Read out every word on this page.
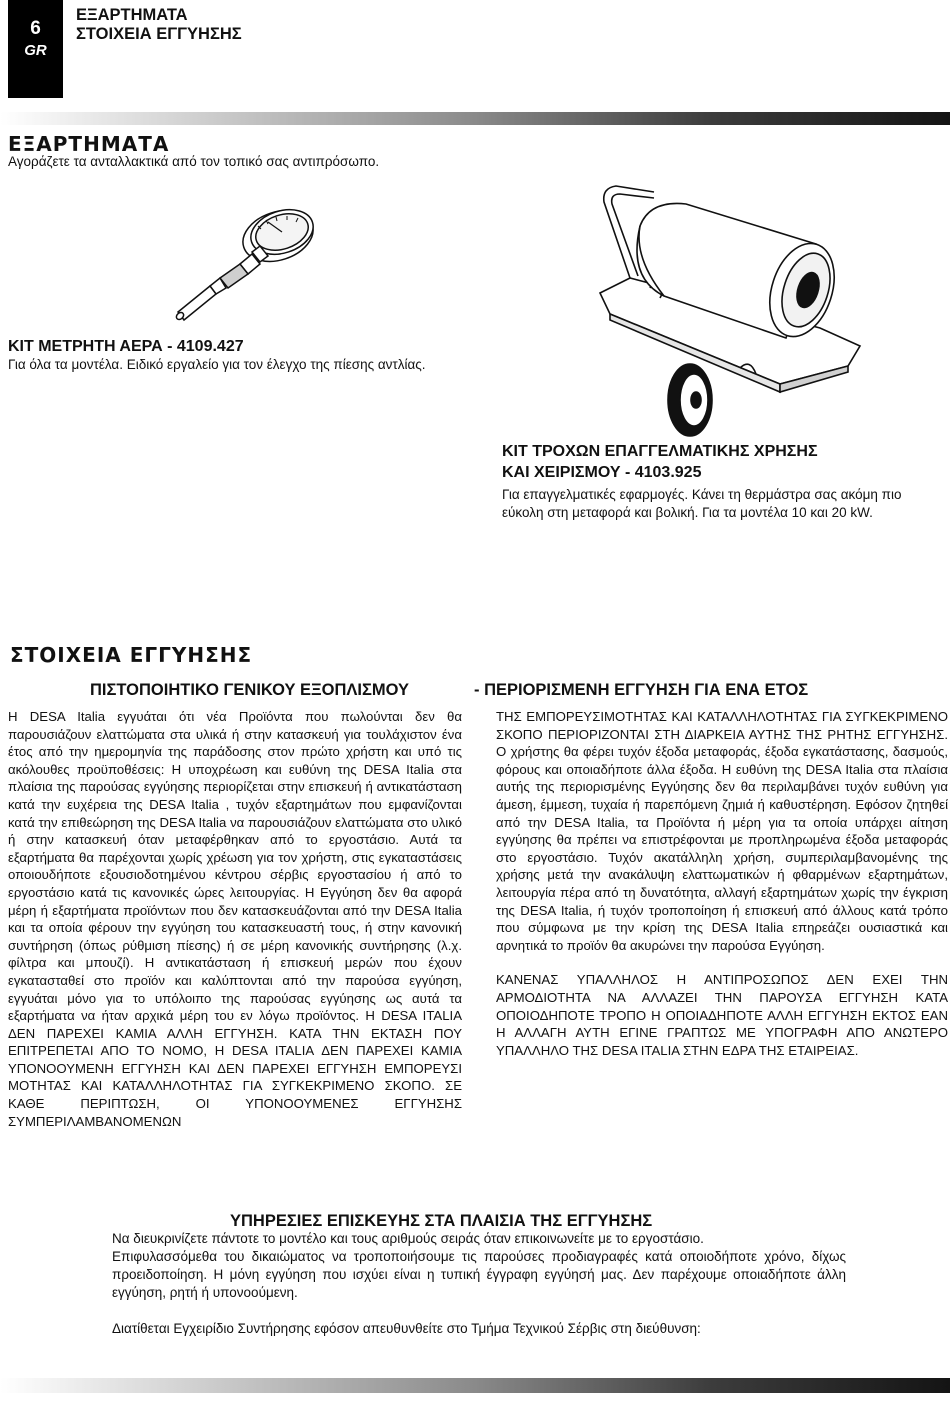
6
GR
ΕΞΑΡΤΗΜΑΤΑ
ΣΤΟΙΧΕΙΑ ΕΓΓΥΗΣΗΣ
ΕΞΑΡΤΗΜΑΤΑ
Αγοράζετε τα ανταλλακτικά από τον τοπικό σας αντιπρόσωπο.
ΚΙΤ ΜΕΤΡΗΤΗ ΑΕΡΑ - 4109.427
Για όλα τα μοντέλα. Ειδικό εργαλείο για τον έλεγχο της πίεσης αντλίας.
ΚΙΤ ΤΡΟΧΩΝ ΕΠΑΓΓΕΛΜΑΤΙΚΗΣ ΧΡΗΣΗΣ
ΚΑΙ ΧΕΙΡΙΣΜΟΥ - 4103.925
Για επαγγελματικές εφαρμογές. Κάνει τη θερμάστρα σας ακόμη πιο εύκολη στη μεταφορά και βολική. Για τα μοντέλα 10 και 20 kW.
ΣΤΟΙΧΕΙΑ ΕΓΓΥΗΣΗΣ
ΠΙΣΤΟΠΟΙΗΤΙΚΟ ΓΕΝΙΚΟΥ ΕΞΟΠΛΙΣΜΟΥ	- ΠΕΡΙΟΡΙΣΜΕΝΗ ΕΓΓΥΗΣΗ ΓΙΑ ΕΝΑ ΕΤΟΣ

Η DESA Italia εγγυάται ότι νέα Προϊόντα που πωλούνται δεν θα παρουσιάζουν ελαττώματα στα υλικά ή στην κατασκευή για τουλάχιστον ένα έτος από την ημερομηνία της παράδοσης στον πρώτο χρήστη και υπό τις ακόλουθες προϋποθέσεις: Η υποχρέωση και ευθύνη της DESA Italia στα πλαίσια της παρούσας εγγύησης περιορίζεται στην επισκευή ή αντικατάσταση κατά την ευχέρεια της DESA Italia , τυχόν εξαρτημάτων που εμφανίζονται κατά την επιθεώρηση της DESA Italia να παρουσιάζουν ελαττώματα στο υλικό ή στην κατασκευή όταν μεταφέρθηκαν από το εργοστάσιο. Αυτά τα εξαρτήματα θα παρέχονται χωρίς χρέωση για τον χρήστη, στις εγκαταστάσεις οποιουδήποτε εξουσιοδοτημένου κέντρου σέρβις εργοστασίου ή από το εργοστάσιο κατά τις κανονικές ώρες λειτουργίας. Η Εγγύηση δεν θα αφορά μέρη ή εξαρτήματα προϊόντων που δεν κατασκευάζονται από την DESA Italia και τα οποία φέρουν την εγγύηση του κατασκευαστή τους, ή στην κανονική συντήρηση (όπως ρύθμιση πίεσης) ή σε μέρη κανονικής συντήρησης (λ.χ. φίλτρα και μπουζί). Η αντικατάσταση ή επισκευή μερών που έχουν εγκατασταθεί στο προϊόν και καλύπτονται από την παρούσα εγγύηση, εγγυάται μόνο για το υπόλοιπο της παρούσας εγγύησης ως αυτά τα εξαρτήματα να ήταν αρχικά μέρη του εν λόγω προϊόντος. Η DESA ITALIA ΔΕΝ ΠΑΡΕΧΕΙ ΚΑΜΙΑ ΑΛΛΗ ΕΓΓΥΗΣΗ. ΚΑΤΑ ΤΗΝ ΕΚΤΑΣΗ ΠΟΥ ΕΠΙΤΡΕΠΕΤΑΙ ΑΠΟ ΤΟ ΝΟΜΟ, Η DESA ITALIA ΔΕΝ ΠΑΡΕΧΕΙ ΚΑΜΙΑ ΥΠΟΝΟΟΥΜΕΝΗ ΕΓΓΥΗΣΗ ΚΑΙ ΔΕΝ ΠΑΡΕΧΕΙ ΕΓΓΥΗΣΗ ΕΜΠΟΡΕΥΣΙ ΜΟΤΗΤΑΣ ΚΑΙ ΚΑΤΑΛΛΗΛΟΤΗΤΑΣ ΓΙΑ ΣΥΓΚΕΚΡΙΜΕΝΟ ΣΚΟΠΟ. ΣΕ ΚΑΘΕ ΠΕΡΙΠΤΩΣΗ, ΟΙ ΥΠΟΝΟΟΥΜΕΝΕΣ ΕΓΓΥΗΣΗΣ ΣΥΜΠΕΡΙΛΑΜΒΑΝΟΜΕΝΩΝ

ΤΗΣ ΕΜΠΟΡΕΥΣΙΜΟΤΗΤΑΣ ΚΑΙ ΚΑΤΑΛΛΗΛΟΤΗΤΑΣ ΓΙΑ ΣΥΓΚΕΚΡΙΜΕΝΟ ΣΚΟΠΟ ΠΕΡΙΟΡΙΖΟΝΤΑΙ ΣΤΗ ΔΙΑΡΚΕΙΑ ΑΥΤΗΣ ΤΗΣ ΡΗΤΗΣ ΕΓΓΥΗΣΗΣ. Ο χρήστης θα φέρει τυχόν έξοδα μεταφοράς, έξοδα εγκατάστασης, δασμούς, φόρους και οποιαδήποτε άλλα έξοδα. Η ευθύνη της DESA Italia στα πλαίσια αυτής της περιορισμένης Εγγύησης δεν θα περιλαμβάνει τυχόν ευθύνη για άμεση, έμμεση, τυχαία ή παρεπόμενη ζημιά ή καθυστέρηση. Εφόσον ζητηθεί από την DESA Italia, τα Προϊόντα ή μέρη για τα οποία υπάρχει αίτηση εγγύησης θα πρέπει να επιστρέφονται με προπληρωμένα έξοδα μεταφοράς στο εργοστάσιο. Τυχόν ακατάλληλη χρήση, συμπεριλαμβανομένης της χρήσης μετά την ανακάλυψη ελαττωματικών ή φθαρμένων εξαρτημάτων, λειτουργία πέρα από τη δυνατότητα, αλλαγή εξαρτημάτων χωρίς την έγκριση της DESA Italia, ή τυχόν τροποποίηση ή επισκευή από άλλους κατά τρόπο που σύμφωνα με την κρίση της DESA Italia επηρεάζει ουσιαστικά και αρνητικά το προϊόν θα ακυρώνει την παρούσα Εγγύηση.

ΚΑΝΕΝΑΣ ΥΠΑΛΛΗΛΟΣ Η ΑΝΤΙΠΡΟΣΩΠΟΣ ΔΕΝ ΕΧΕΙ ΤΗΝ ΑΡΜΟΔΙΟΤΗΤΑ ΝΑ ΑΛΛΑΖΕΙ ΤΗΝ ΠΑΡΟΥΣΑ ΕΓΓΥΗΣΗ ΚΑΤΑ ΟΠΟΙΟΔΗΠΟΤΕ ΤΡΟΠΟ Η ΟΠΟΙΑΔΗΠΟΤΕ ΑΛΛΗ ΕΓΓΥΗΣΗ ΕΚΤΟΣ ΕΑΝ Η ΑΛΛΑΓΗ ΑΥΤΗ ΕΓΙΝΕ ΓΡΑΠΤΩΣ ΜΕ ΥΠΟΓΡΑΦΗ ΑΠΟ ΑΝΩΤΕΡΟ ΥΠΑΛΛΗΛΟ ΤΗΣ DESA ITALIA ΣΤΗΝ ΕΔΡΑ ΤΗΣ ΕΤΑΙΡΕΙΑΣ.

ΥΠΗΡΕΣΙΕΣ ΕΠΙΣΚΕΥΗΣ ΣΤΑ ΠΛΑΙΣΙΑ ΤΗΣ ΕΓΓΥΗΣΗΣ
Να διευκρινίζετε πάντοτε το μοντέλο και τους αριθμούς σειράς όταν επικοινωνείτε με το εργοστάσιο.
Επιφυλασσόμεθα του δικαιώματος να τροποποιήσουμε τις παρούσες προδιαγραφές κατά οποιοδήποτε χρόνο, δίχως προειδοποίηση. Η μόνη εγγύηση που ισχύει είναι η τυπική έγγραφη εγγύησή μας. Δεν παρέχουμε οποιαδήποτε άλλη εγγύηση, ρητή ή υπονοούμενη.
Διατίθεται Εγχειρίδιο Συντήρησης εφόσον απευθυνθείτε στο Τμήμα Τεχνικού Σέρβις στη διεύθυνση:
